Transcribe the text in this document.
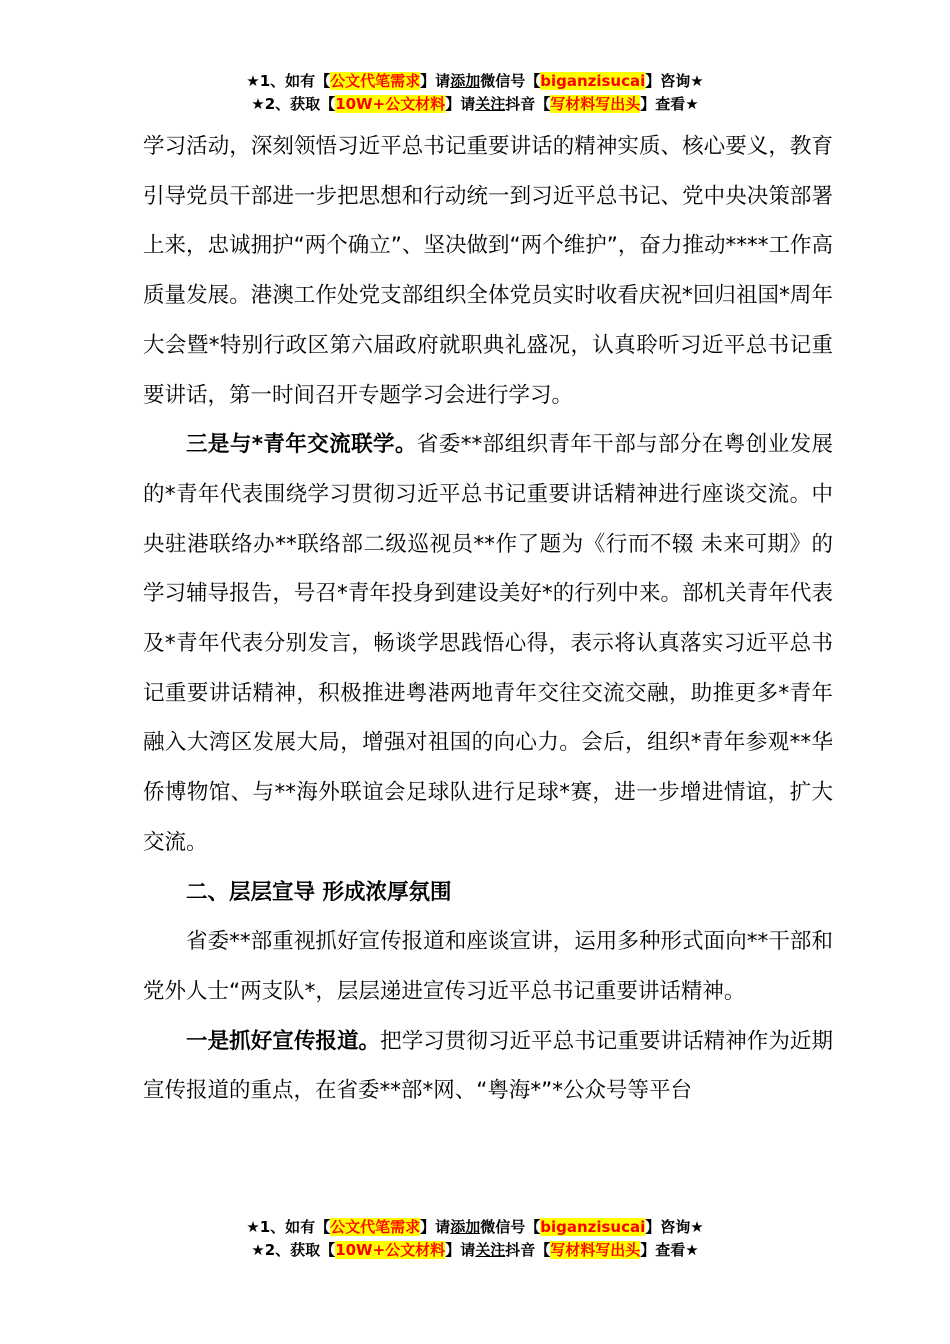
★1、如有【公文代笔需求】请添加微信号【biganzisucai】咨询★
★2、获取【10W+公文材料】请关注抖音【写材料写出头】查看★

学习活动，深刻领悟习近平总书记重要讲话的精神实质、核心要义，教育引导党员干部进一步把思想和行动统一到习近平总书记、党中央决策部署上来，忠诚拥护“两个确立”、坚决做到“两个维护”，奋力推动****工作高质量发展。港澳工作处党支部组织全体党员实时收看庆祝*回归祖国*周年大会暨*特别行政区第六届政府就职典礼盛况，认真聆听习近平总书记重要讲话，第一时间召开专题学习会进行学习。

三是与*青年交流联学。省委**部组织青年干部与部分在粤创业发展的*青年代表围绕学习贯彻习近平总书记重要讲话精神进行座谈交流。中央驻港联络办**联络部二级巡视员**作了题为《行而不辍 未来可期》的学习辅导报告，号召*青年投身到建设美好*的行列中来。部机关青年代表及*青年代表分别发言，畅谈学思践悟心得，表示将认真落实习近平总书记重要讲话精神，积极推进粤港两地青年交往交流交融，助推更多*青年融入大湾区发展大局，增强对祖国的向心力。会后，组织*青年参观**华侨博物馆、与**海外联谊会足球队进行足球*赛，进一步增进情谊，扩大交流。

二、层层宣导 形成浓厚氛围

省委**部重视抓好宣传报道和座谈宣讲，运用多种形式面向**干部和党外人士“两支队*，层层递进宣传习近平总书记重要讲话精神。

一是抓好宣传报道。把学习贯彻习近平总书记重要讲话精神作为近期宣传报道的重点，在省委**部*网、“粤海*”*公众号等平台

★1、如有【公文代笔需求】请添加微信号【biganzisucai】咨询★
★2、获取【10W+公文材料】请关注抖音【写材料写出头】查看★
